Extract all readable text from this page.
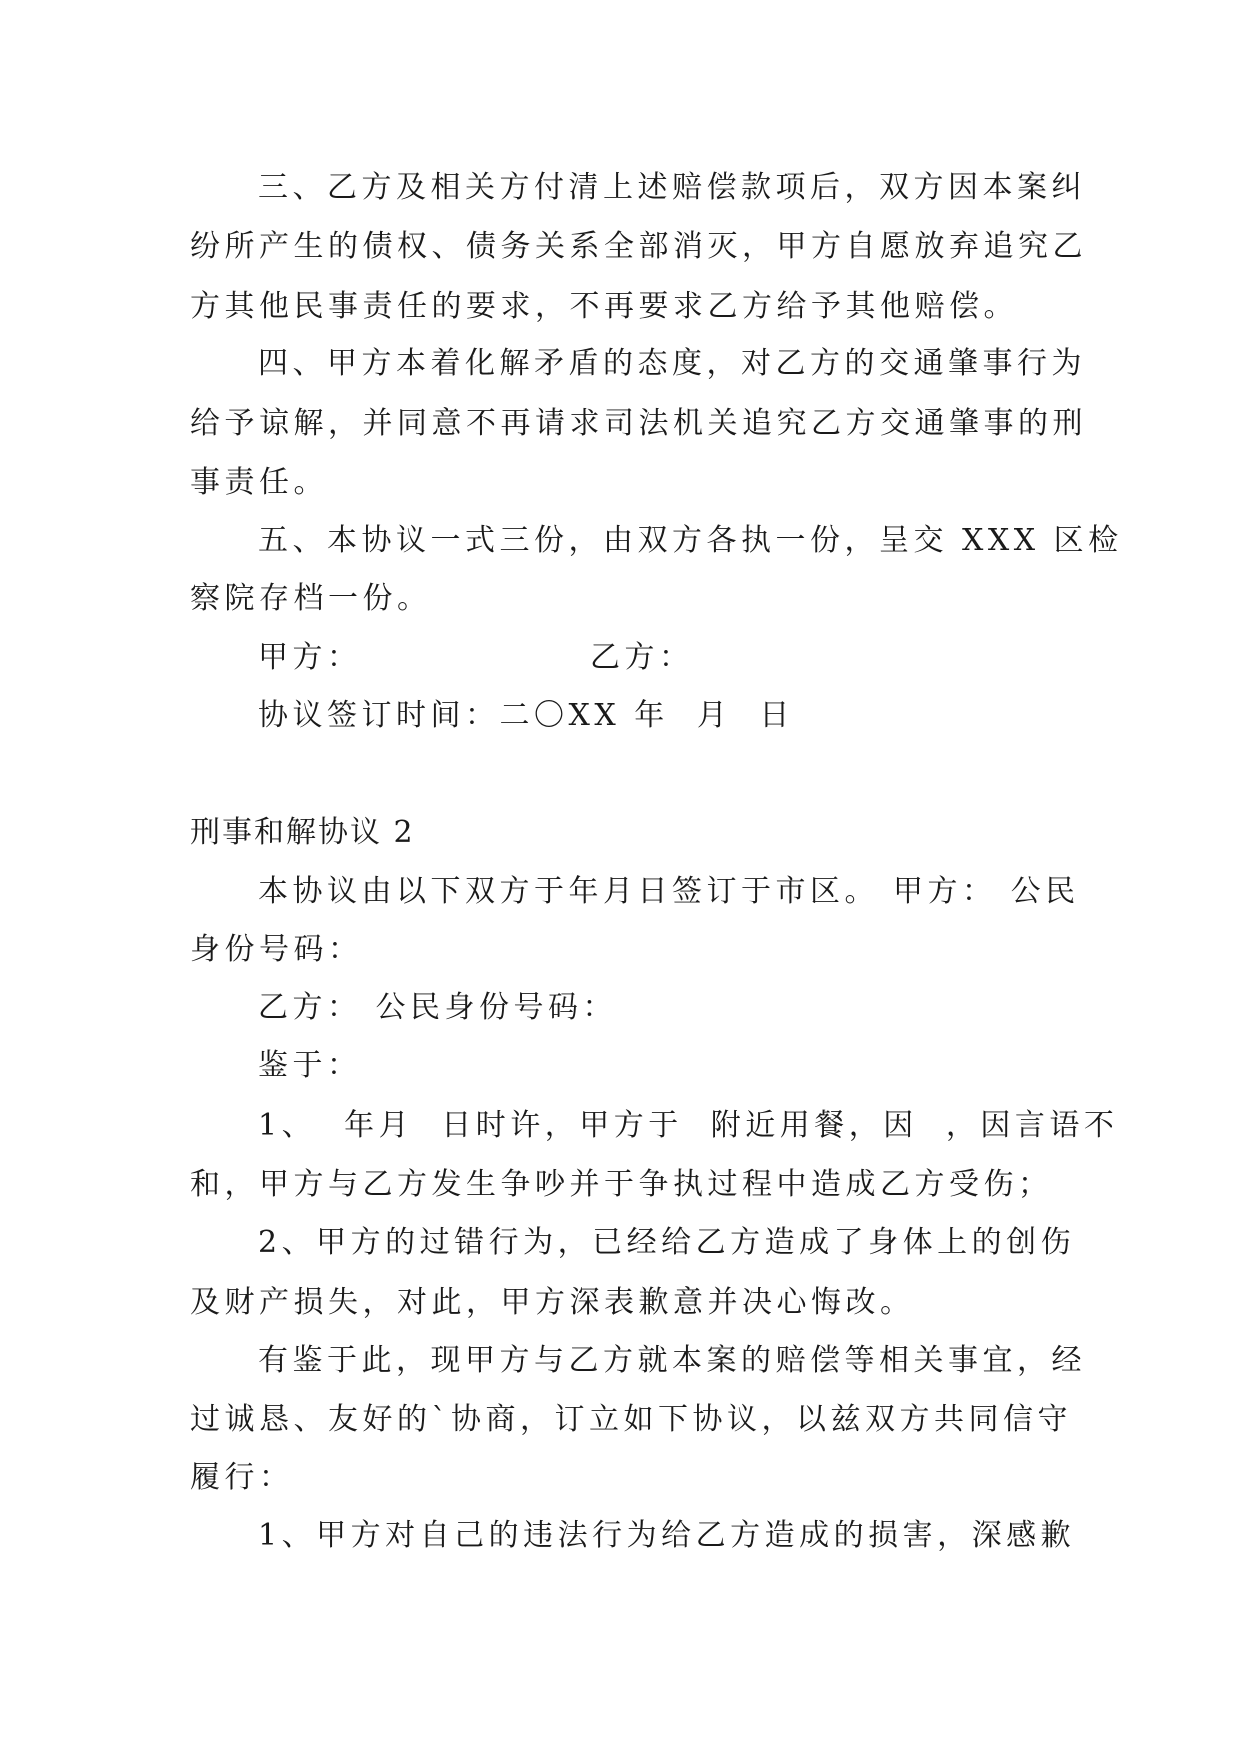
三、乙方及相关方付清上述赔偿款项后，双方因本案纠
纷所产生的债权、债务关系全部消灭，甲方自愿放弃追究乙
方其他民事责任的要求，不再要求乙方给予其他赔偿。
四、甲方本着化解矛盾的态度，对乙方的交通肇事行为
给予谅解，并同意不再请求司法机关追究乙方交通肇事的刑
事责任。
五、本协议一式三份，由双方各执一份，呈交 XXX 区检
察院存档一份。
甲方：	乙方：
协议签订时间：二〇XX 年  月  日
刑事和解协议 2
本协议由以下双方于年月日签订于市区。 甲方： 公民
身份号码：
乙方： 公民身份号码：
鉴于：
1、  年月  日时许，甲方于  附近用餐，因  ，因言语不
和，甲方与乙方发生争吵并于争执过程中造成乙方受伤；
2、甲方的过错行为，已经给乙方造成了身体上的创伤
及财产损失，对此，甲方深表歉意并决心悔改。
有鉴于此，现甲方与乙方就本案的赔偿等相关事宜，经
过诚恳、友好的`协商，订立如下协议，以兹双方共同信守
履行：
1、甲方对自己的违法行为给乙方造成的损害，深感歉
